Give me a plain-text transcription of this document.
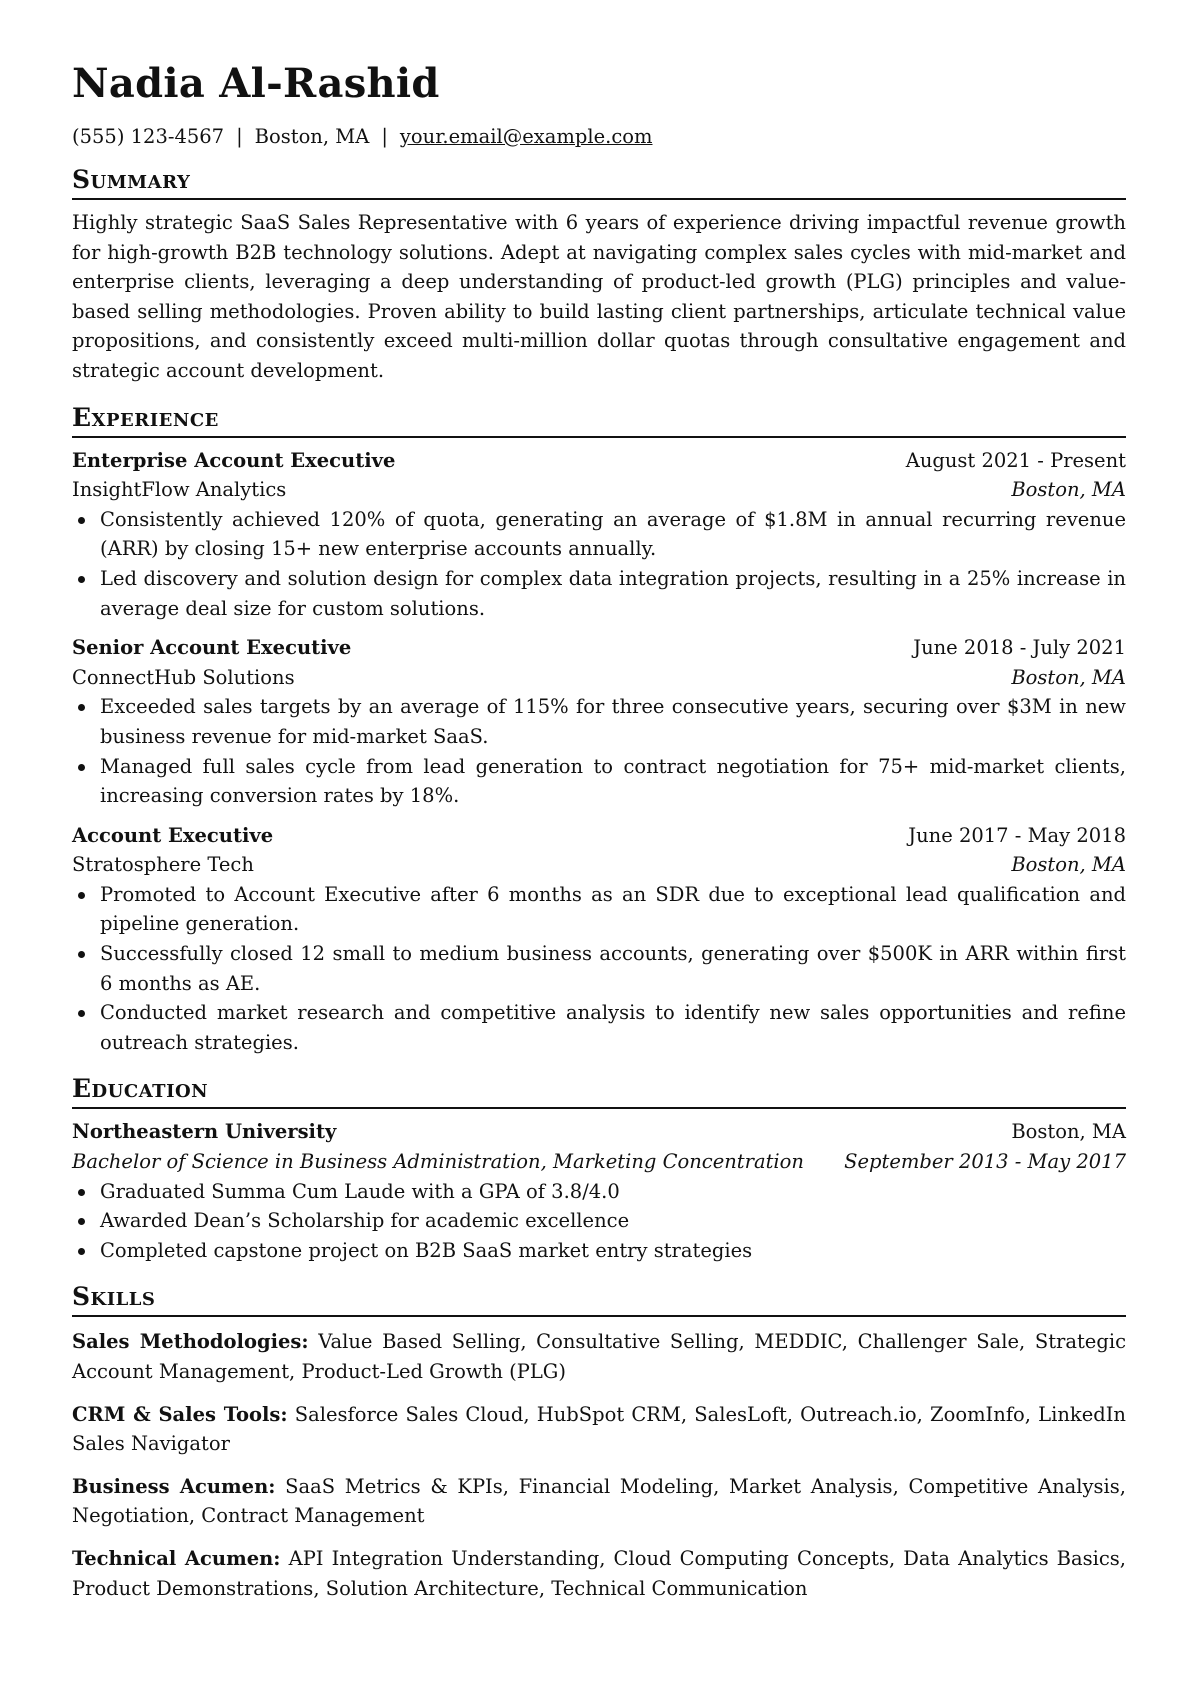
Nadia Al-Rashid
(555) 123-4567 | Boston, MA | your.email@example.com
Summary
Highly strategic SaaS Sales Representative with 6 years of experience driving impactful revenue growth for high-growth B2B technology solutions. Adept at navigating complex sales cycles with mid-market and enterprise clients, leveraging a deep understanding of product-led growth (PLG) principles and value-based selling methodologies. Proven ability to build lasting client partnerships, articulate technical value propositions, and consistently exceed multi-million dollar quotas through consultative engagement and strategic account development.
Experience
Enterprise Account Executive	August 2021 - Present
InsightFlow Analytics	Boston, MA
Consistently achieved 120% of quota, generating an average of $1.8M in annual recurring revenue (ARR) by closing 15+ new enterprise accounts annually.
Led discovery and solution design for complex data integration projects, resulting in a 25% increase in average deal size for custom solutions.
Senior Account Executive	June 2018 - July 2021
ConnectHub Solutions	Boston, MA
Exceeded sales targets by an average of 115% for three consecutive years, securing over $3M in new business revenue for mid-market SaaS.
Managed full sales cycle from lead generation to contract negotiation for 75+ mid-market clients, increasing conversion rates by 18%.
Account Executive	June 2017 - May 2018
Stratosphere Tech	Boston, MA
Promoted to Account Executive after 6 months as an SDR due to exceptional lead qualification and pipeline generation.
Successfully closed 12 small to medium business accounts, generating over $500K in ARR within first 6 months as AE.
Conducted market research and competitive analysis to identify new sales opportunities and refine outreach strategies.
Education
Northeastern University	Boston, MA
Bachelor of Science in Business Administration, Marketing Concentration September 2013 - May 2017
Graduated Summa Cum Laude with a GPA of 3.8/4.0
Awarded Dean’s Scholarship for academic excellence
Completed capstone project on B2B SaaS market entry strategies
Skills
Sales Methodologies: Value Based Selling, Consultative Selling, MEDDIC, Challenger Sale, Strategic Account Management, Product-Led Growth (PLG)
CRM & Sales Tools: Salesforce Sales Cloud, HubSpot CRM, SalesLoft, Outreach.io, ZoomInfo, LinkedIn Sales Navigator
Business Acumen: SaaS Metrics & KPIs, Financial Modeling, Market Analysis, Competitive Analysis, Negotiation, Contract Management
Technical Acumen: API Integration Understanding, Cloud Computing Concepts, Data Analytics Basics, Product Demonstrations, Solution Architecture, Technical Communication
